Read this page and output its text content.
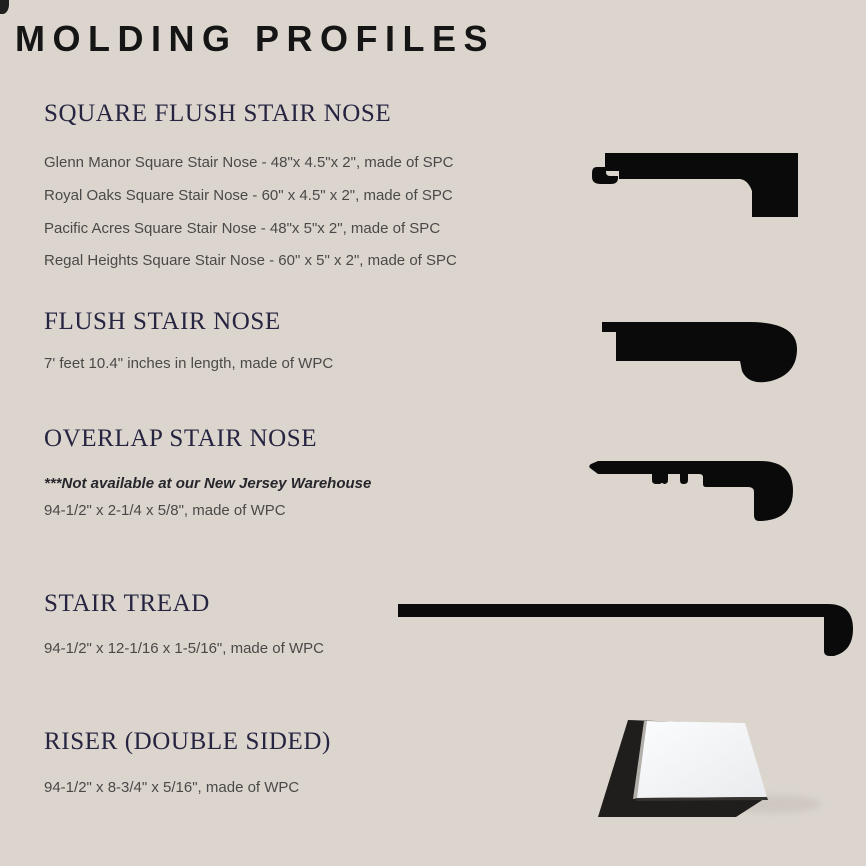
MOLDING PROFILES
SQUARE FLUSH STAIR NOSE
Glenn Manor Square Stair Nose - 48"x 4.5"x 2", made of SPC
Royal Oaks Square Stair Nose - 60" x 4.5" x 2", made of SPC
Pacific Acres Square Stair Nose - 48"x 5"x 2", made of SPC
Regal Heights Square Stair Nose - 60" x 5" x 2", made of SPC
FLUSH STAIR NOSE
7' feet 10.4" inches in length, made of WPC
OVERLAP STAIR NOSE
***Not available at our New Jersey Warehouse
94-1/2" x 2-1/4 x 5/8", made of WPC
STAIR TREAD
94-1/2" x 12-1/16 x 1-5/16", made of WPC
RISER (DOUBLE SIDED)
94-1/2" x 8-3/4" x 5/16", made of WPC
